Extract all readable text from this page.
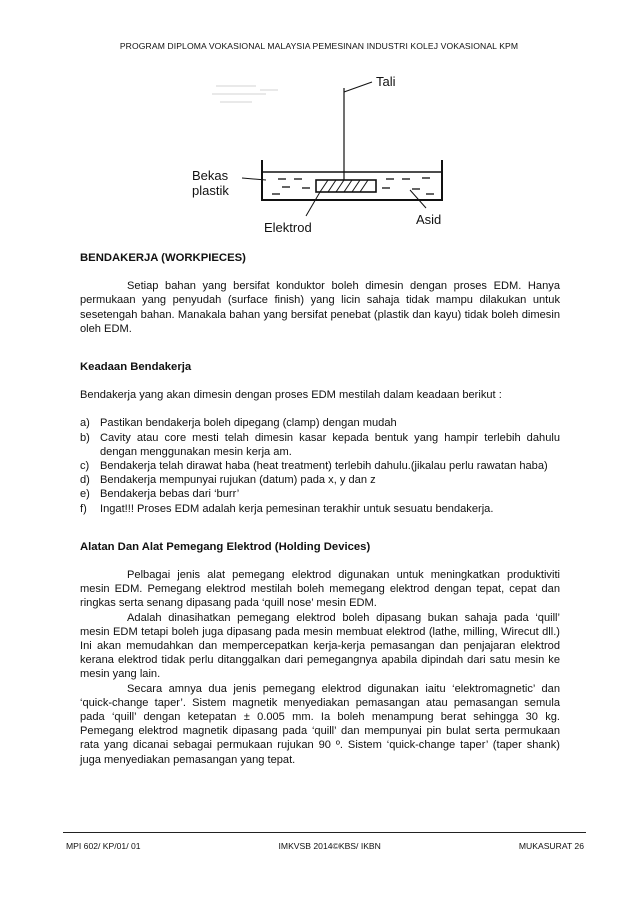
PROGRAM DIPLOMA VOKASIONAL MALAYSIA PEMESINAN INDUSTRI KOLEJ VOKASIONAL KPM
Tali
Bekas
plastik
Elektrod
Asid
BENDAKERJA (WORKPIECES)

Setiap bahan yang bersifat konduktor boleh dimesin dengan proses EDM. Hanya permukaan yang penyudah (surface finish) yang licin sahaja tidak mampu dilakukan untuk sesetengah bahan. Manakala bahan yang bersifat penebat (plastik dan kayu) tidak boleh dimesin oleh EDM.

Keadaan Bendakerja

Bendakerja yang akan dimesin dengan proses EDM mestilah dalam keadaan berikut :

a) Pastikan bendakerja boleh dipegang (clamp) dengan mudah
b) Cavity atau core mesti telah dimesin kasar kepada bentuk yang hampir terlebih dahulu dengan menggunakan mesin kerja am.
c) Bendakerja telah dirawat haba (heat treatment) terlebih dahulu.(jikalau perlu rawatan haba)
d) Bendakerja mempunyai rujukan (datum) pada x, y dan z
e) Bendakerja bebas dari ‘burr’
f)	Ingat!!! Proses EDM adalah kerja pemesinan terakhir untuk sesuatu bendakerja.
Alatan Dan Alat Pemegang Elektrod (Holding Devices)

Pelbagai jenis alat pemegang elektrod digunakan untuk meningkatkan produktiviti mesin EDM. Pemegang elektrod mestilah boleh memegang elektrod dengan tepat, cepat dan ringkas serta senang dipasang pada ‘quill nose’ mesin EDM.

Adalah dinasihatkan pemegang elektrod boleh dipasang bukan sahaja pada ‘quill’ mesin EDM tetapi boleh juga dipasang pada mesin membuat elektrod (lathe, milling, Wirecut dll.) Ini akan memudahkan dan mempercepatkan kerja-kerja pemasangan dan penjajaran elektrod kerana elektrod tidak perlu ditanggalkan dari pemegangnya apabila dipindah dari satu mesin ke mesin yang lain.

Secara amnya dua jenis pemegang elektrod digunakan iaitu ‘elektromagnetic’ dan ‘quick-change taper’. Sistem magnetik menyediakan pemasangan atau pemasangan semula pada ‘quill’ dengan ketepatan ± 0.005 mm. Ia boleh menampung berat sehingga 30 kg. Pemegang elektrod magnetik dipasang pada ‘quill’ dan mempunyai pin bulat serta permukaan rata yang dicanai sebagai permukaan rujukan 90 º. Sistem ‘quick-change taper’ (taper shank) juga menyediakan pemasangan yang tepat.

MPI 602/ KP/01/ 01	IMKVSB 2014©KBS/ IKBN	MUKASURAT 26
